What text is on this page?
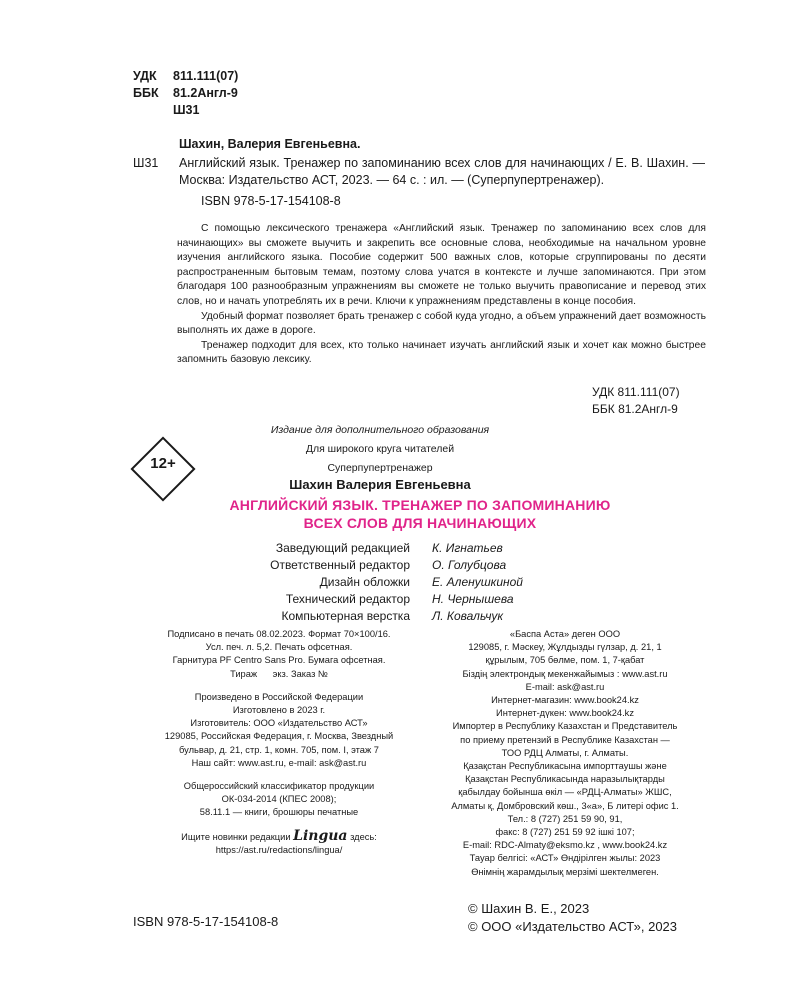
УДК 811.111(07)
ББК 81.2Англ-9
Ш31
Шахин, Валерия Евгеньевна.
Ш31	Английский язык. Тренажер по запоминанию всех слов для начинающих / Е. В. Шахин. — Москва: Издательство АСТ, 2023. — 64 с. : ил. — (Суперпупертренажер).
ISBN 978-5-17-154108-8

С помощью лексического тренажера «Английский язык. Тренажер по запоминанию всех слов для начинающих» вы сможете выучить и закрепить все основные слова, необходимые на начальном уровне изучения английского языка. Пособие содержит 500 важных слов, которые сгруппированы по десяти распространенным бытовым темам, поэтому слова учатся в контексте и лучше запоминаются. При этом благодаря 100 разнообразным упражнениям вы сможете не только выучить правописание и перевод этих слов, но и начать употреблять их в речи. Ключи к упражнениям представлены в конце пособия.

Удобный формат позволяет брать тренажер с собой куда угодно, а объем упражнений дает возможность выполнять их даже в дороге.

Тренажер подходит для всех, кто только начинает изучать английский язык и хочет как можно быстрее запомнить базовую лексику.

УДК 811.111(07)
ББК 81.2Англ-9
Издание для дополнительного образования
Для широкого круга читателей
Суперпупертренажер
12+
Шахин Валерия Евгеньевна
АНГЛИЙСКИЙ ЯЗЫК. ТРЕНАЖЕР ПО ЗАПОМИНАНИЮ
ВСЕХ СЛОВ ДЛЯ НАЧИНАЮЩИХ
Заведующий редакцией	К. Игнатьев
Ответственный редактор	О. Голубцова
Дизайн обложки	Е. Аленушкиной
Технический редактор	Н. Чернышева
Компьютерная верстка	Л. Ковальчук
Подписано в печать 08.02.2023. Формат 70×100/16.
Усл. печ. л. 5,2. Печать офсетная.
Гарнитура PF Centro Sans Pro. Бумага офсетная.
Тираж      экз. Заказ №
Произведено в Российской Федерации
Изготовлено в 2023 г.
Изготовитель: ООО «Издательство АСТ»
129085, Российская Федерация, г. Москва, Звездный
бульвар, д. 21, стр. 1, комн. 705, пом. I, этаж 7
Наш сайт: www.ast.ru, e-mail: ask@ast.ru
Общероссийский классификатор продукции
ОК-034-2014 (КПЕС 2008);
58.11.1 — книги, брошюры печатные
Ищите новинки редакции Lingua здесь:
https://ast.ru/redactions/lingua/
«Баспа Аста» деген ООО
129085, г. Мәскеу, Жұлдызды гүлзар, д. 21, 1
құрылым, 705 бөлме, пом. 1, 7-қабат
Біздің электрондық мекенжайымыз : www.ast.ru
E-mail: ask@ast.ru
Интернет-магазин: www.book24.kz
Интернет-дүкен: www.book24.kz
Импортер в Республику Казахстан и Представитель
по приему претензий в Республике Казахстан —
ТОО РДЦ Алматы, г. Алматы.
Қазақстан Республикасына импорттаушы және
Қазақстан Республикасында наразылықтарды
қабылдау бойынша өкіл — «РДЦ-Алматы» ЖШС,
Алматы қ, Домбровский көш., 3«а», Б литері офис 1.
Тел.: 8 (727) 251 59 90, 91,
факс: 8 (727) 251 59 92 ішкі 107;
E-mail: RDC-Almaty@eksmo.kz , www.book24.kz
Тауар белгісі: «АСТ» Өндірілген жылы: 2023
Өнімнің жарамдылық мерзімі шектелмеген.
ISBN 978-5-17-154108-8
© Шахин В. Е., 2023
© ООО «Издательство АСТ», 2023
